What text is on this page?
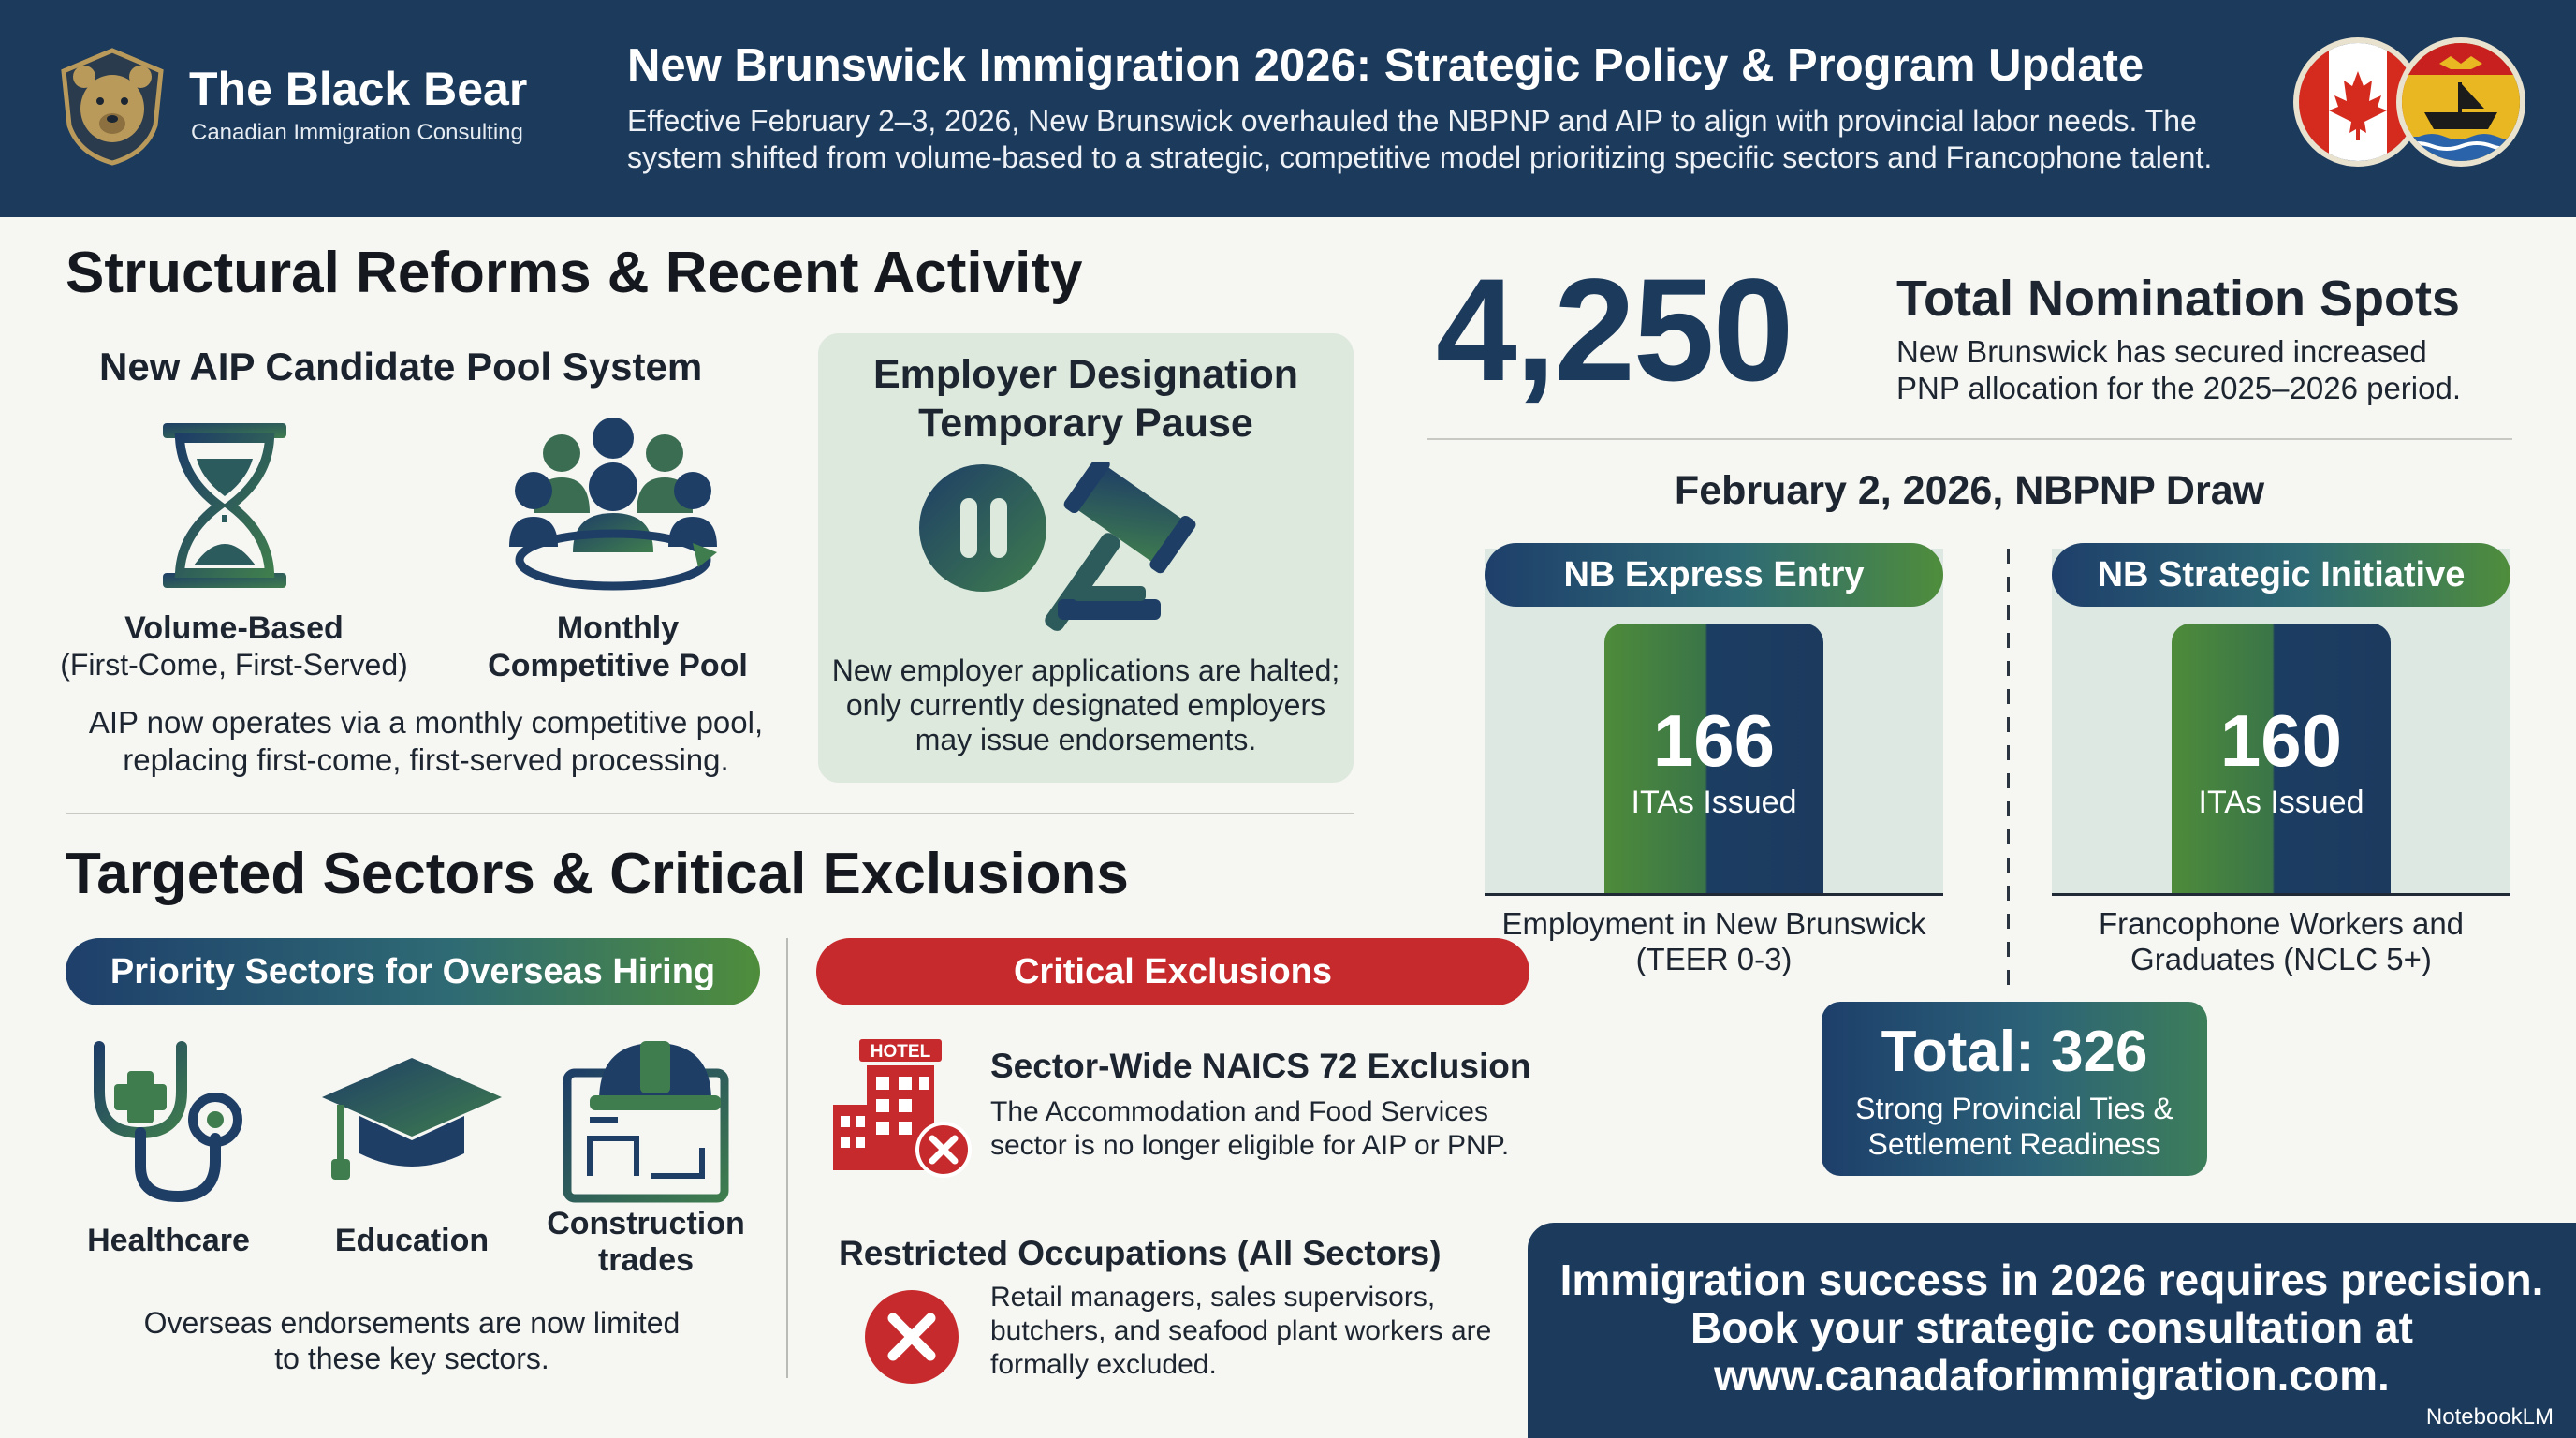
The Black Bear
Canadian Immigration Consulting
New Brunswick Immigration 2026: Strategic Policy & Program Update
Effective February 2–3, 2026, New Brunswick overhauled the NBPNP and AIP to align with provincial labor needs. The system shifted from volume-based to a strategic, competitive model prioritizing specific sectors and Francophone talent.
Structural Reforms & Recent Activity
New AIP Candidate Pool System
Volume-Based
(First-Come, First-Served)
Monthly
Competitive Pool
AIP now operates via a monthly competitive pool, replacing first-come, first-served processing.
Employer Designation Temporary Pause
New employer applications are halted; only currently designated employers may issue endorsements.
Targeted Sectors & Critical Exclusions
Priority Sectors for Overseas Hiring
Healthcare	Education	Construction trades
Overseas endorsements are now limited to these key sectors.
Critical Exclusions
HOTEL Sector-Wide NAICS 72 Exclusion
The Accommodation and Food Services sector is no longer eligible for AIP or PNP.
Restricted Occupations (All Sectors)
Retail managers, sales supervisors, butchers, and seafood plant workers are formally excluded.
4,250 Total Nomination Spots
New Brunswick has secured increased PNP allocation for the 2025–2026 period.
February 2, 2026, NBPNP Draw
NB Express Entry
166
ITAs Issued
Employment in New Brunswick (TEER 0-3)
NB Strategic Initiative
160
ITAs Issued
Francophone Workers and Graduates (NCLC 5+)
Total: 326
Strong Provincial Ties & Settlement Readiness
Immigration success in 2026 requires precision. Book your strategic consultation at www.canadaforimmigration.com.
NotebookLM
